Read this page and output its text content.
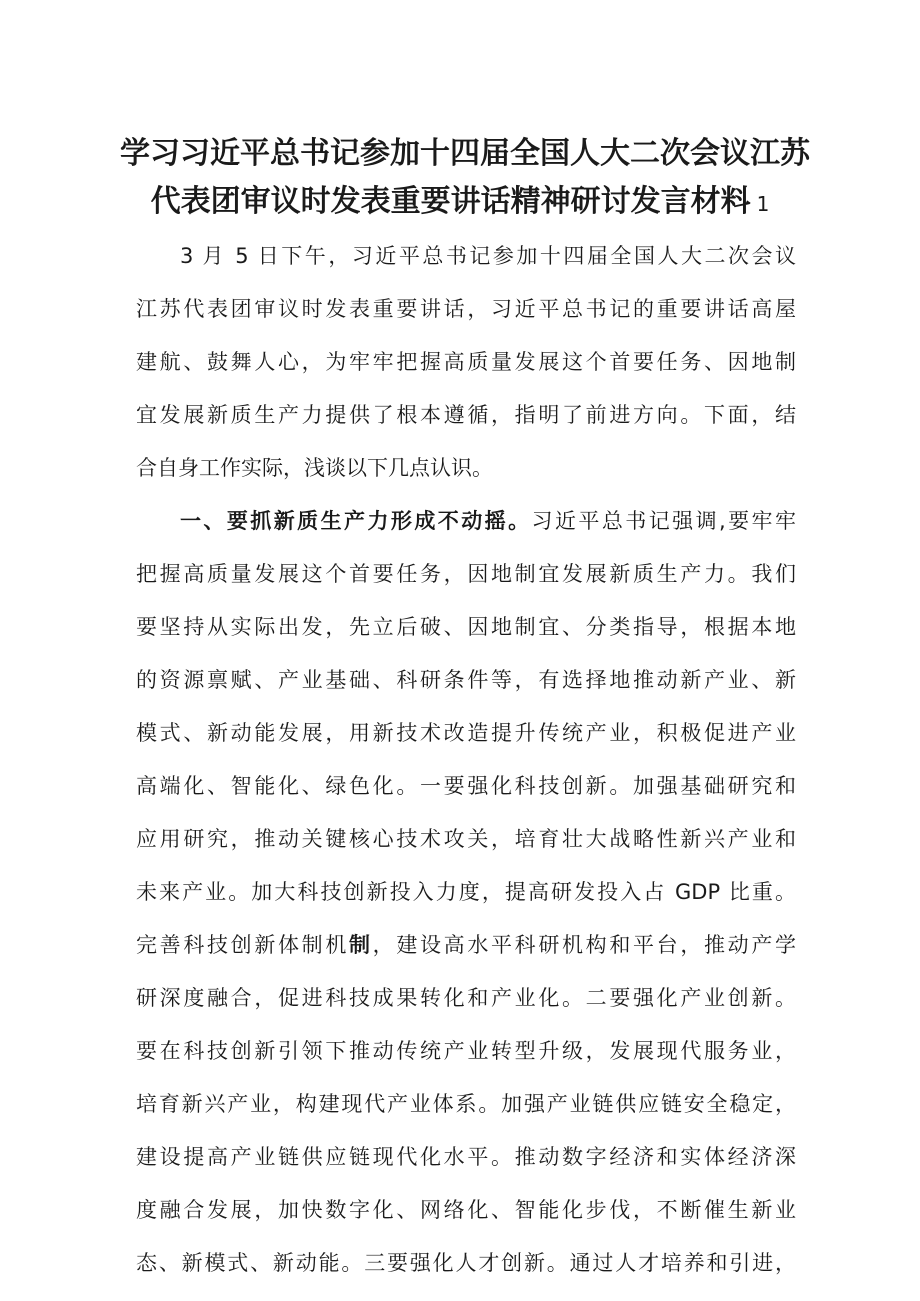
学习习近平总书记参加十四届全国人大二次会议江苏
代表团审议时发表重要讲话精神研讨发言材料 1
3 月 5 日下午，习近平总书记参加十四届全国人大二次会议
江苏代表团审议时发表重要讲话，习近平总书记的重要讲话高屋
建航、鼓舞人心，为牢牢把握高质量发展这个首要任务、因地制
宜发展新质生产力提供了根本遵循，指明了前进方向。下面，结
合自身工作实际，浅谈以下几点认识。
一、要抓新质生产力形成不动摇。习近平总书记强调,要牢牢
把握高质量发展这个首要任务，因地制宜发展新质生产力。我们
要坚持从实际出发，先立后破、因地制宜、分类指导，根据本地
的资源禀赋、产业基础、科研条件等，有选择地推动新产业、新
模式、新动能发展，用新技术改造提升传统产业，积极促进产业
高端化、智能化、绿色化。一要强化科技创新。加强基础研究和
应用研究，推动关键核心技术攻关，培育壮大战略性新兴产业和
未来产业。加大科技创新投入力度，提高研发投入占 GDP 比重。
完善科技创新体制机制，建设高水平科研机构和平台，推动产学
研深度融合，促进科技成果转化和产业化。二要强化产业创新。
要在科技创新引领下推动传统产业转型升级，发展现代服务业，
培育新兴产业，构建现代产业体系。加强产业链供应链安全稳定，
建设提高产业链供应链现代化水平。推动数字经济和实体经济深
度融合发展，加快数字化、网络化、智能化步伐，不断催生新业
态、新模式、新动能。三要强化人才创新。通过人才培养和引进，
